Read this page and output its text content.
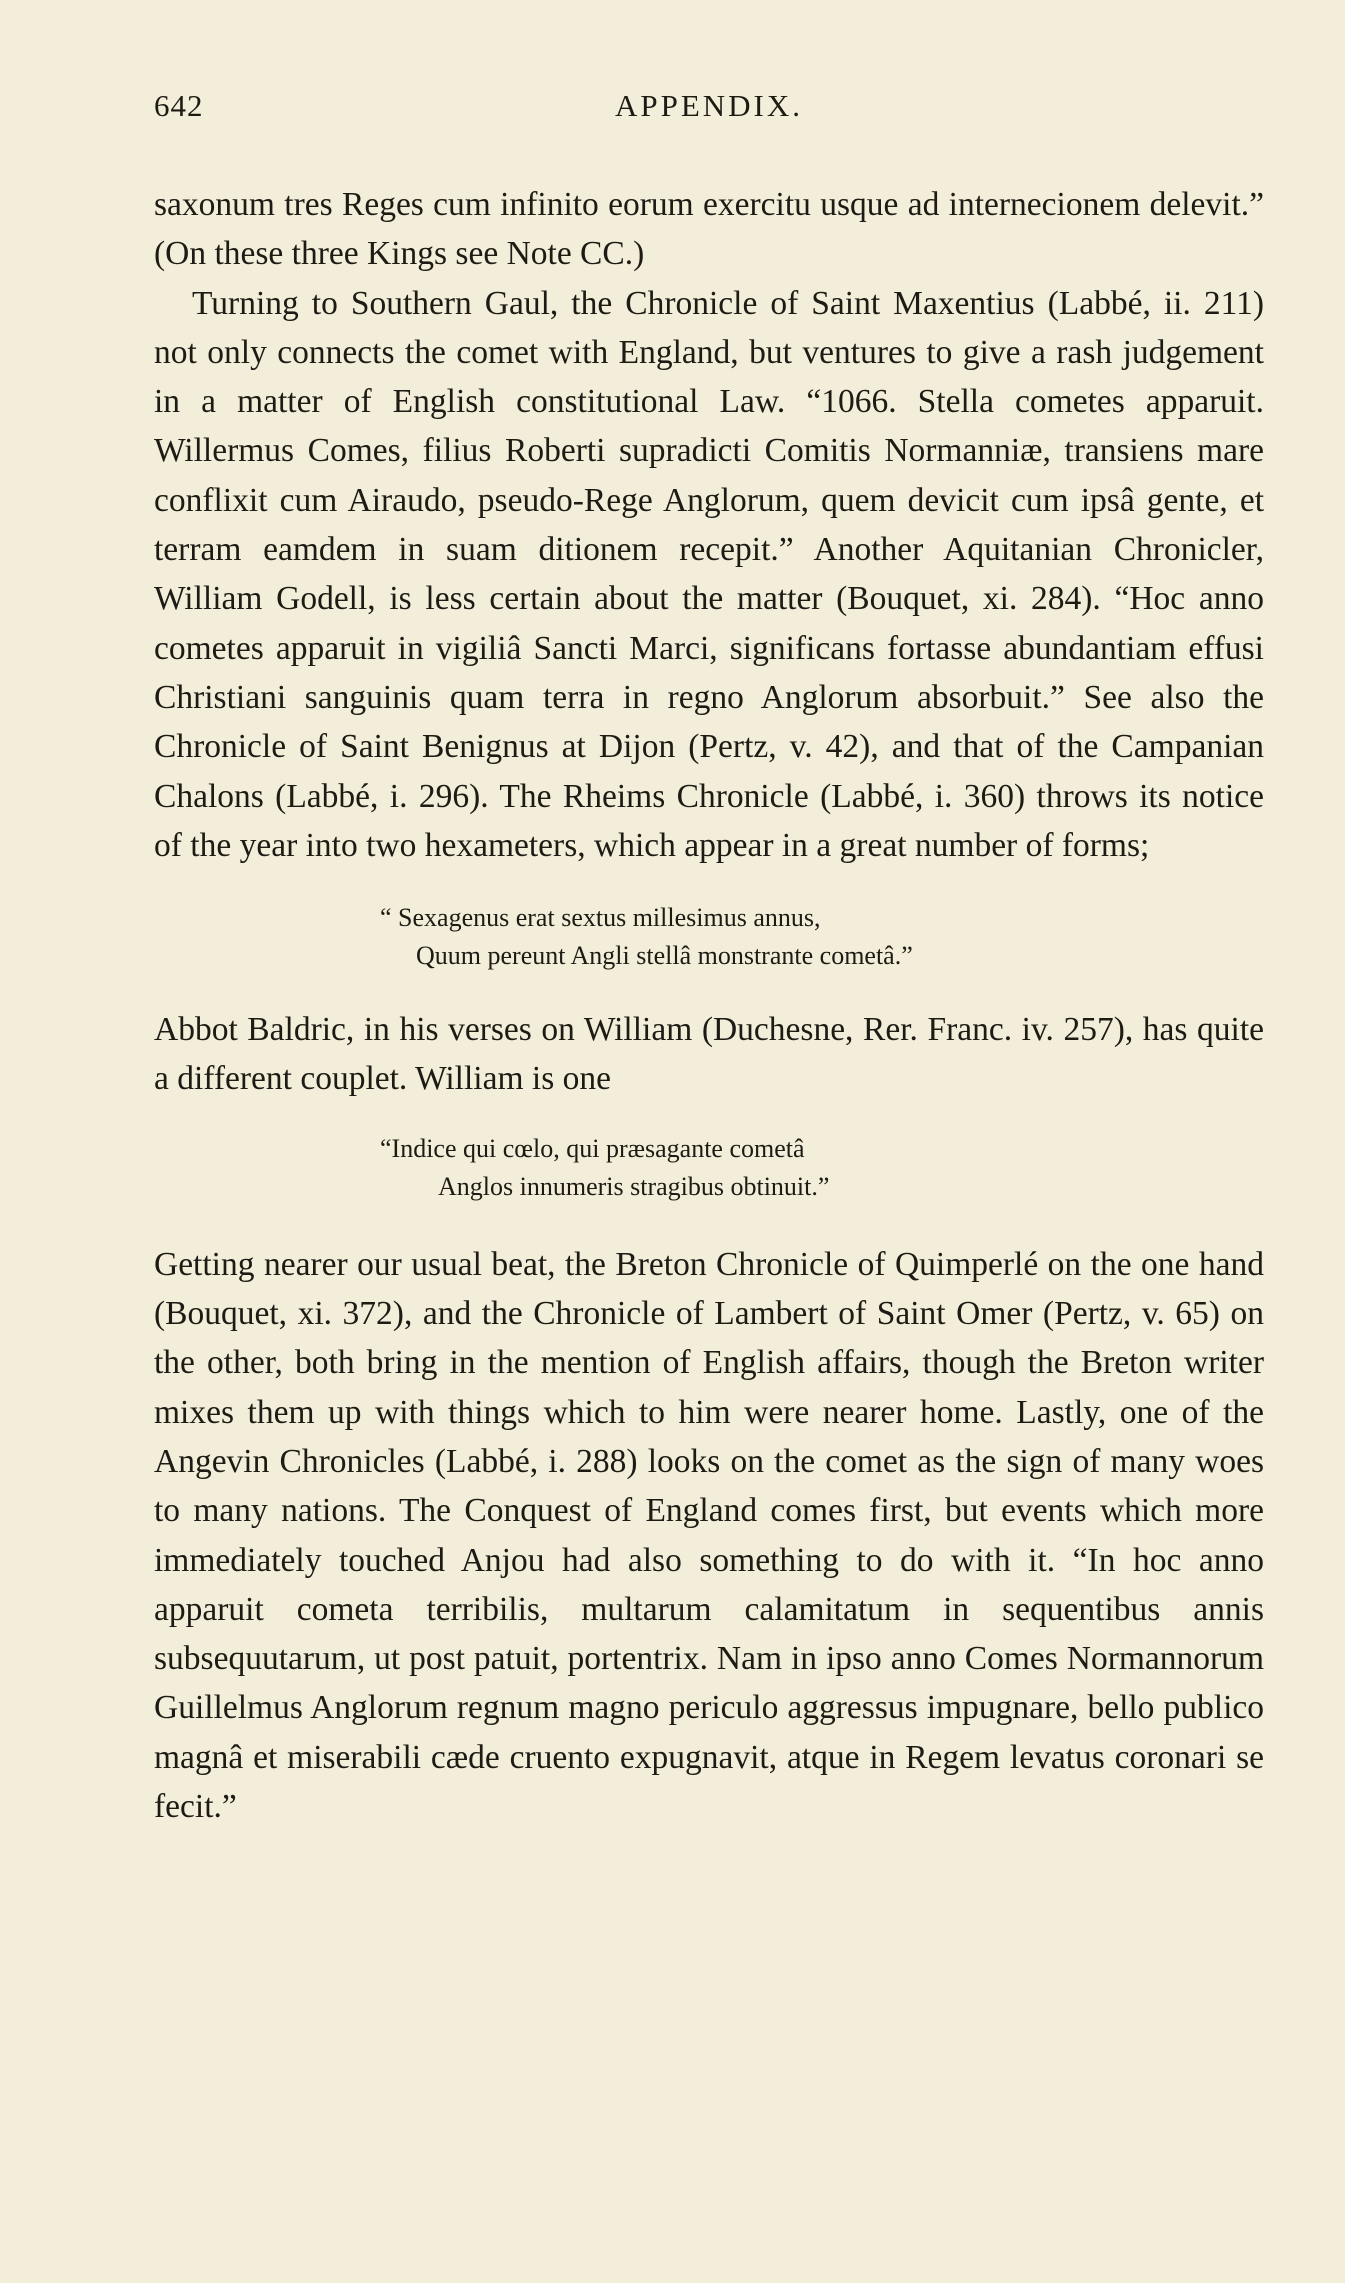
642	APPENDIX.

saxonum tres Reges cum infinito eorum exercitu usque ad internecionem delevit.” (On these three Kings see Note CC.)

Turning to Southern Gaul, the Chronicle of Saint Maxentius (Labbé, ii. 211) not only connects the comet with England, but ventures to give a rash judgement in a matter of English constitutional Law. “1066. Stella cometes apparuit. Willermus Comes, filius Roberti supradicti Comitis Normanniæ, transiens mare conflixit cum Airaudo, pseudo-Rege Anglorum, quem devicit cum ipsâ gente, et terram eamdem in suam ditionem recepit.” Another Aquitanian Chronicler, William Godell, is less certain about the matter (Bouquet, xi. 284). “Hoc anno cometes apparuit in vigiliâ Sancti Marci, significans fortasse abundantiam effusi Christiani sanguinis quam terra in regno Anglorum absorbuit.” See also the Chronicle of Saint Benignus at Dijon (Pertz, v. 42), and that of the Campanian Chalons (Labbé, i. 296). The Rheims Chronicle (Labbé, i. 360) throws its notice of the year into two hexameters, which appear in a great number of forms;

“ Sexagenus erat sextus millesimus annus,
Quum pereunt Angli stellâ monstrante cometâ.”

Abbot Baldric, in his verses on William (Duchesne, Rer. Franc. iv. 257), has quite a different couplet. William is one

“Indice qui cœlo, qui præsagante cometâ
Anglos innumeris stragibus obtinuit.”

Getting nearer our usual beat, the Breton Chronicle of Quimperlé on the one hand (Bouquet, xi. 372), and the Chronicle of Lambert of Saint Omer (Pertz, v. 65) on the other, both bring in the mention of English affairs, though the Breton writer mixes them up with things which to him were nearer home. Lastly, one of the Angevin Chronicles (Labbé, i. 288) looks on the comet as the sign of many woes to many nations. The Conquest of England comes first, but events which more immediately touched Anjou had also something to do with it. “In hoc anno apparuit cometa terribilis, multarum calamitatum in sequentibus annis subsequutarum, ut post patuit, portentrix. Nam in ipso anno Comes Normannorum Guillelmus Anglorum regnum magno periculo aggressus impugnare, bello publico magnâ et miserabili cæde cruento expugnavit, atque in Regem levatus coronari se fecit.”
